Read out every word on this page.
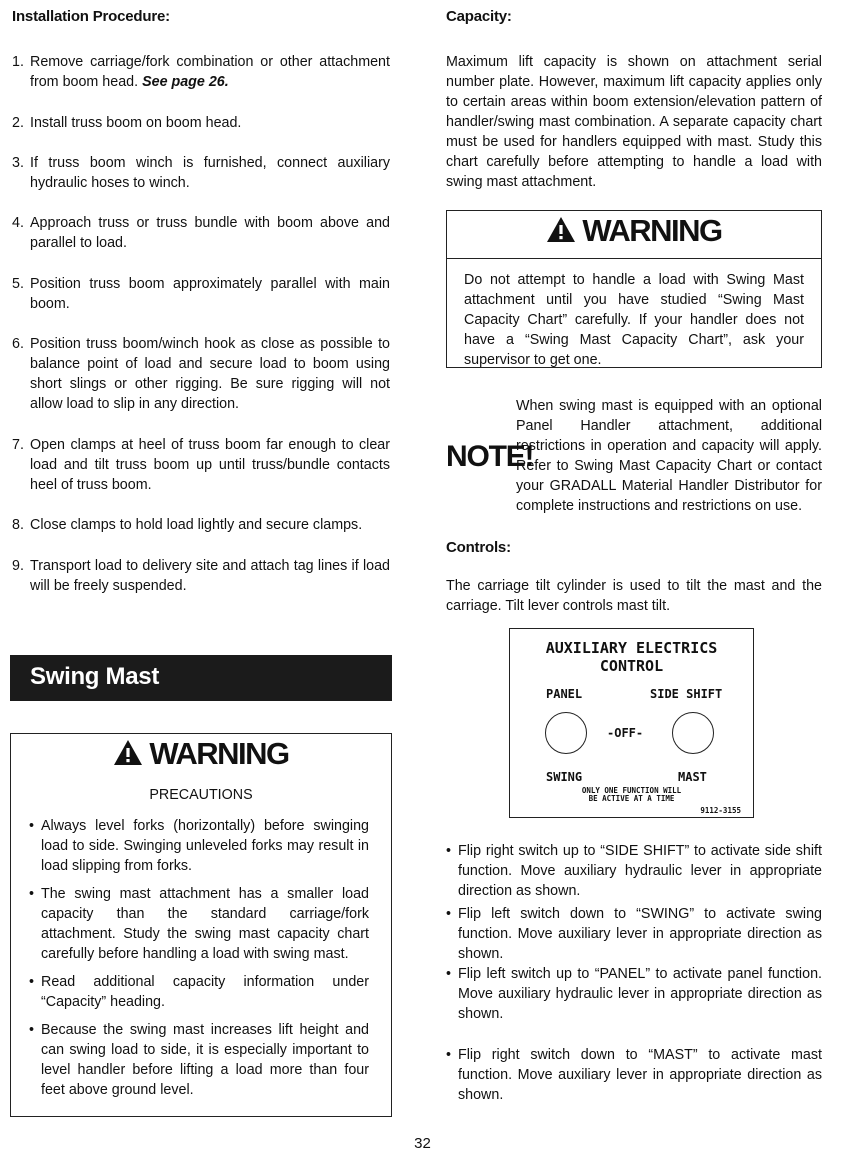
Installation Procedure:
1. Remove carriage/fork combination or other attachment from boom head. See page 26.
2. Install truss boom on boom head.
3. If truss boom winch is furnished, connect auxiliary hydraulic hoses to winch.
4. Approach truss or truss bundle with boom above and parallel to load.
5. Position truss boom approximately parallel with main boom.
6. Position truss boom/winch hook as close as possible to balance point of load and secure load to boom using short slings or other rigging. Be sure rigging will not allow load to slip in any direction.
7. Open clamps at heel of truss boom far enough to clear load and tilt truss boom up until truss/bundle contacts heel of truss boom.
8. Close clamps to hold load lightly and secure clamps.
9. Transport load to delivery site and attach tag lines if load will be freely suspended.
Swing Mast
WARNING
PRECAUTIONS
• Always level forks (horizontally) before swinging load to side. Swinging unleveled forks may result in load slipping from forks.
• The swing mast attachment has a smaller load capacity than the standard carriage/fork attachment. Study the swing mast capacity chart carefully before handling a load with swing mast.
• Read additional capacity information under “Capacity” heading.
• Because the swing mast increases lift height and can swing load to side, it is especially important to level handler before lifting a load more than four feet above ground level.
Capacity:

Maximum lift capacity is shown on attachment serial number plate. However, maximum lift capacity applies only to certain areas within boom extension/elevation pattern of handler/swing mast combination. A separate capacity chart must be used for handlers equipped with mast. Study this chart carefully before attempting to handle a load with swing mast attachment.

WARNING
Do not attempt to handle a load with Swing Mast attachment until you have studied “Swing Mast Capacity Chart” carefully. If your handler does not have a “Swing Mast Capacity Chart”, ask your supervisor to get one.
NOTE!
When swing mast is equipped with an optional Panel Handler attachment, additional restrictions in operation and capacity will apply. Refer to Swing Mast Capacity Chart or contact your GRADALL Material Handler Distributor for complete instructions and restrictions on use.
Controls:

The carriage tilt cylinder is used to tilt the mast and the carriage. Tilt lever controls mast tilt.

AUXILIARY ELECTRICS
CONTROL
PANEL	SIDE SHIFT
-OFF-
SWING	MAST
ONLY ONE FUNCTION WILL
BE ACTIVE AT A TIME
9112-3155
• Flip right switch up to “SIDE SHIFT” to activate side shift function. Move auxiliary hydraulic lever in appropriate direction as shown.
• Flip left switch down to “SWING” to activate swing function. Move auxiliary lever in appropriate direction as shown.
• Flip left switch up to “PANEL” to activate panel function. Move auxiliary hydraulic lever in appropriate direction as shown.
• Flip right switch down to “MAST” to activate mast function. Move auxiliary lever in appropriate direction as shown.
32
